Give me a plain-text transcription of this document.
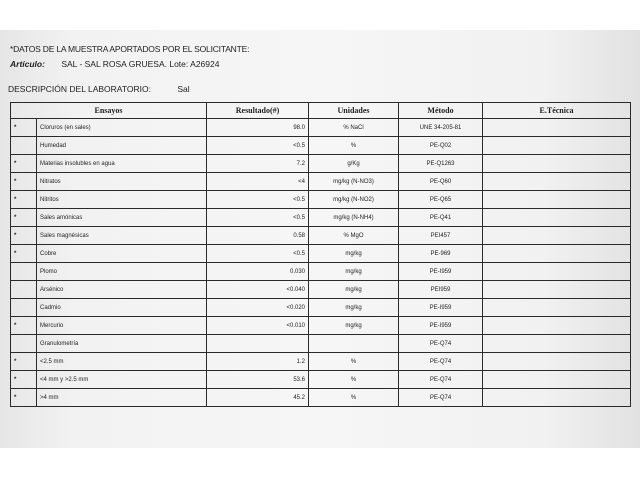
*DATOS DE LA MUESTRA APORTADOS POR EL SOLICITANTE:
Artículo: SAL - SAL ROSA GRUESA. Lote: A26924
DESCRIPCIÓN DEL LABORATORIO:	Sal
Ensayos		Resultado(#)	Unidades	Método	E.Técnica
*	Cloruros (en sales)	98.0	% NaCl	UNE 34-205-81	
	Humedad	<0.5	%	PE-Q02	
*	Materias insolubles en agua	7.2	g/Kg	PE-Q1263	
*	Nitratos	<4	mg/kg (N-NO3)	PE-Q60	
*	Nitritos	<0.5	mg/kg (N-NO2)	PE-Q65	
*	Sales amónicas	<0.5	mg/kg (N-NH4)	PE-Q41	
*	Sales magnésicas	0.58	% MgO	PEI457	
*	Cobre	<0.5	mg/kg	PE-969	
	Plomo	0.030	mg/kg	PE-I959	
	Arsénico	<0.040	mg/kg	PEI959	
	Cadmio	<0.020	mg/kg	PE-I959	
*	Mercurio	<0.010	mg/kg	PE-I959	
	Granulometría			PE-Q74	
*	<2.5 mm	1.2	%	PE-Q74	
*	<4 mm y >2.5 mm	53.6	%	PE-Q74	
*	>4 mm	45.2	%	PE-Q74	
